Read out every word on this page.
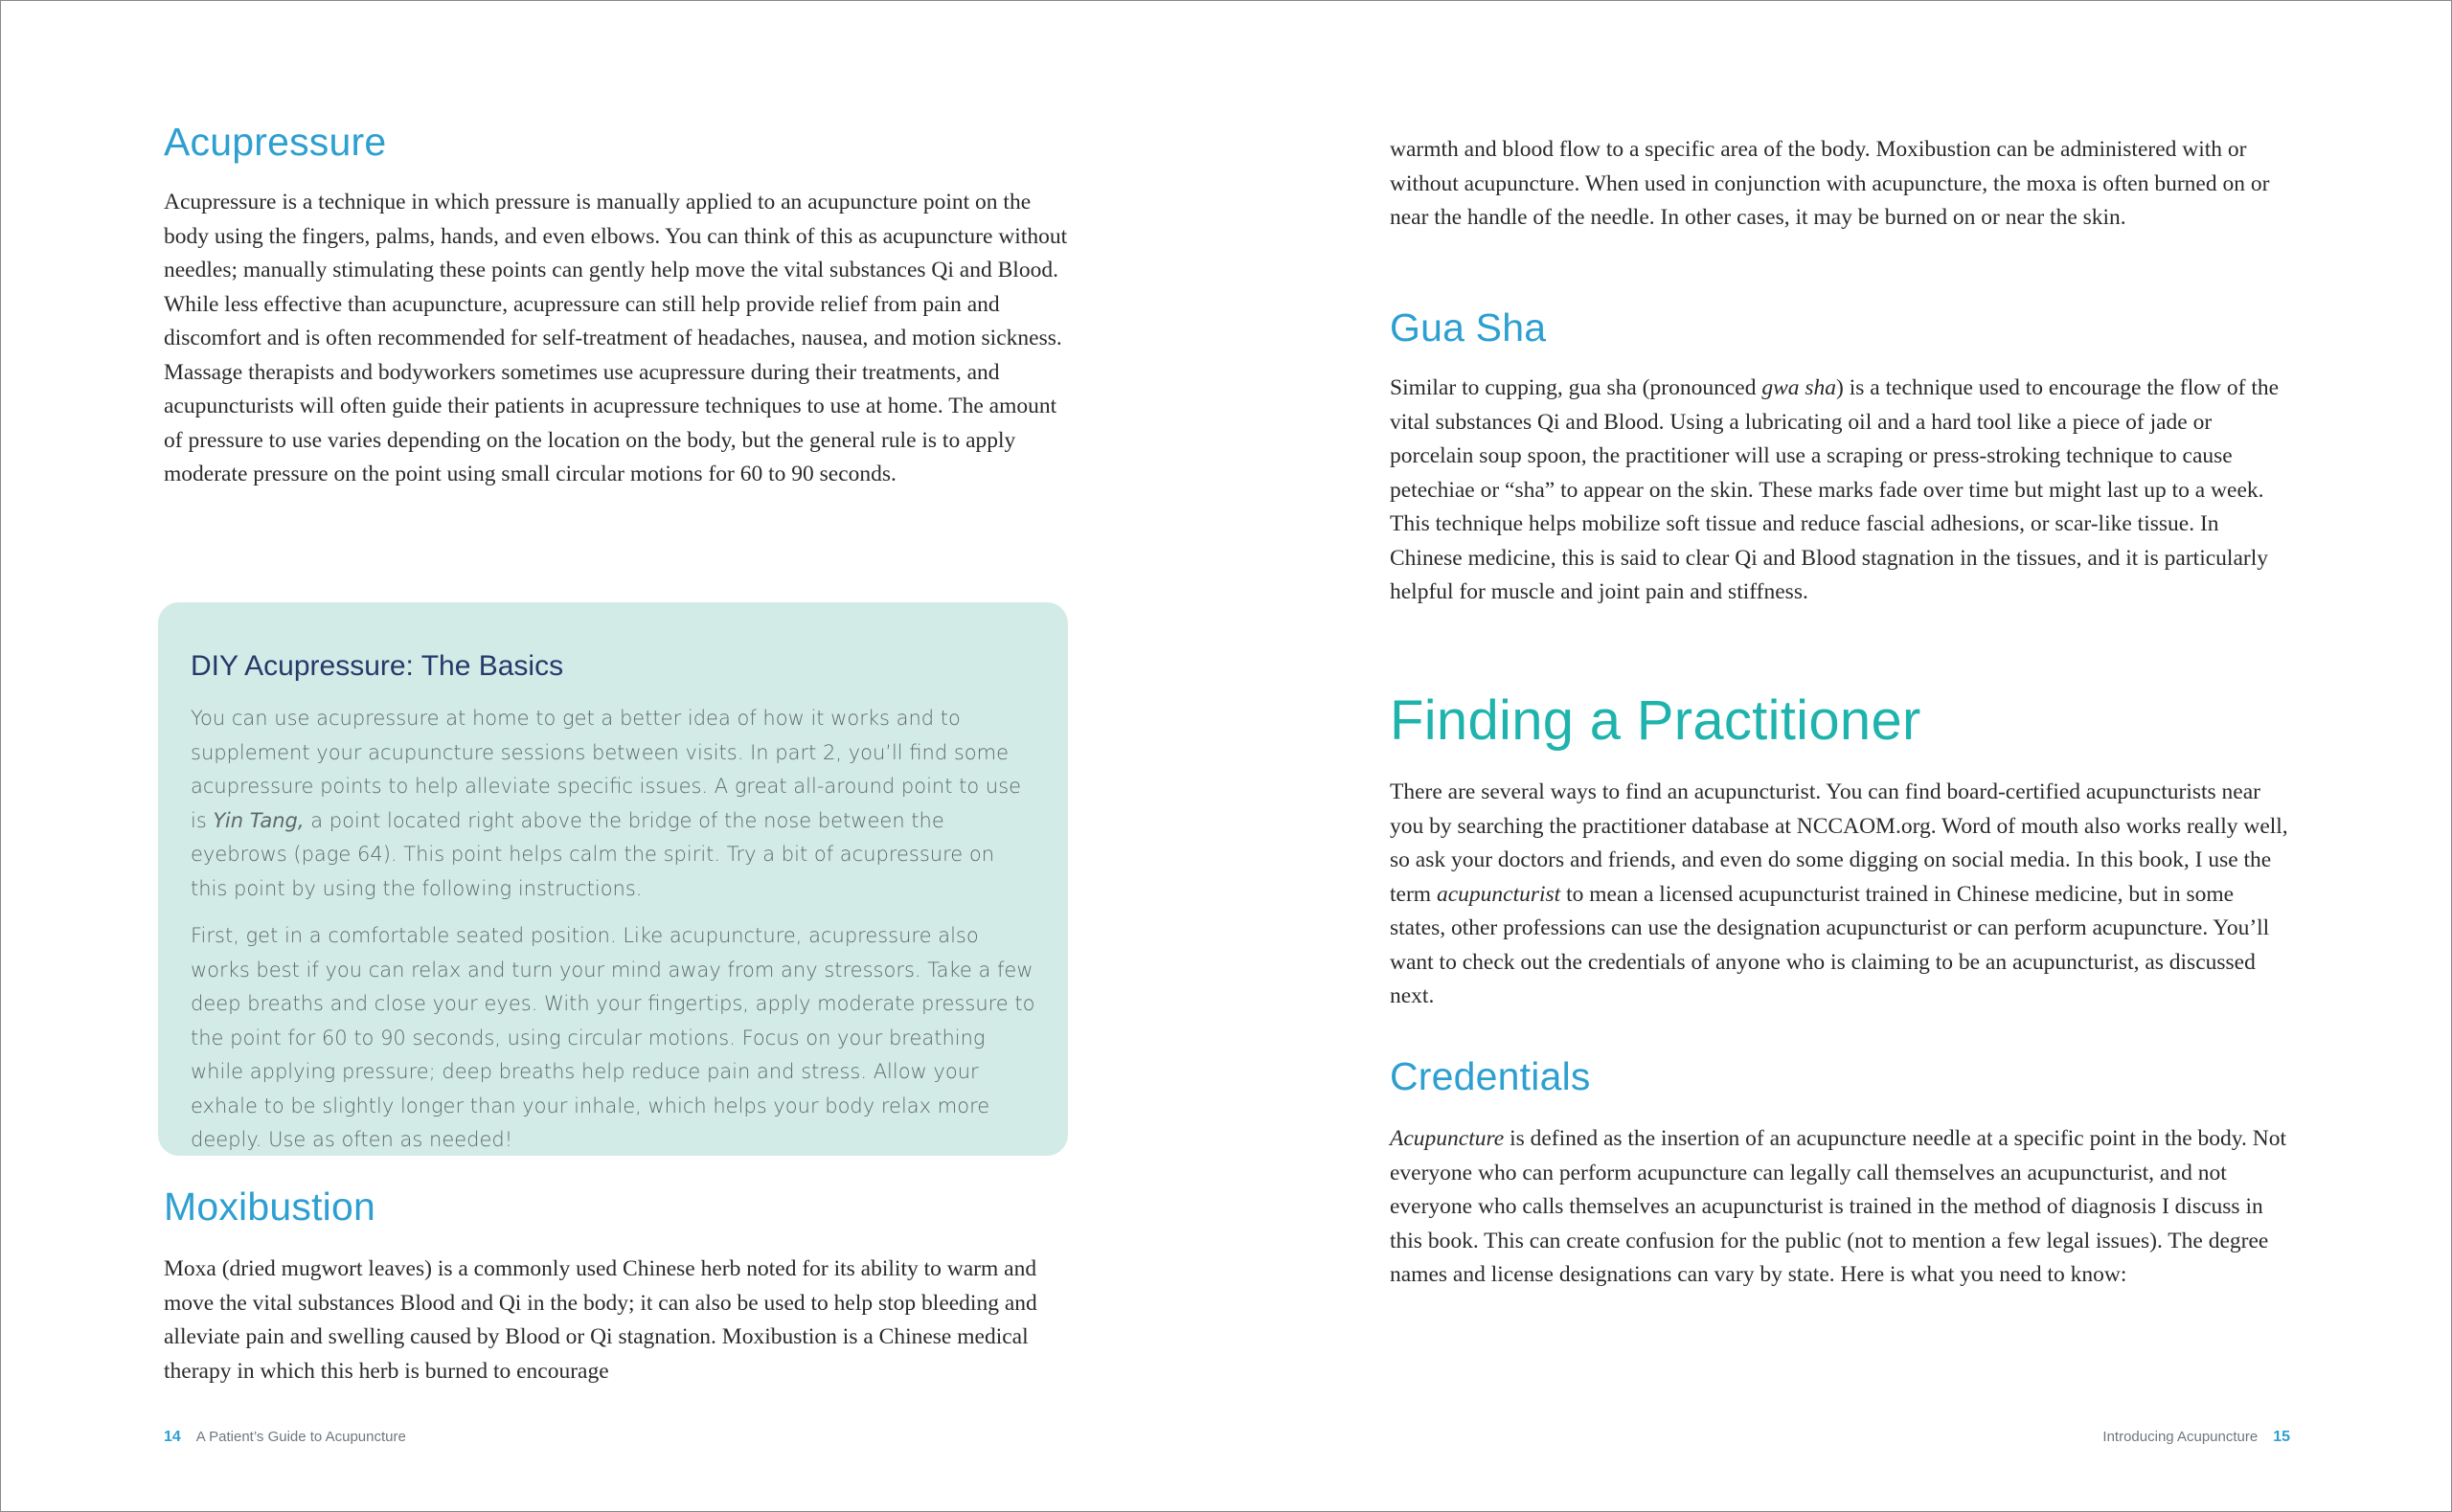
Acupressure

Acupressure is a technique in which pressure is manually applied to an acupuncture point on the body using the fingers, palms, hands, and even elbows. You can think of this as acupuncture without needles; manually stimulating these points can gently help move the vital substances Qi and Blood. While less effective than acupuncture, acupressure can still help provide relief from pain and discomfort and is often recommended for self-treatment of headaches, nausea, and motion sickness. Massage therapists and bodyworkers sometimes use acupressure during their treatments, and acupuncturists will often guide their patients in acupressure techniques to use at home. The amount of pressure to use varies depending on the location on the body, but the general rule is to apply moderate pressure on the point using small circular motions for 60 to 90 seconds.

DIY Acupressure: The Basics

You can use acupressure at home to get a better idea of how it works and to supplement your acupuncture sessions between visits. In part 2, you’ll find some acupressure points to help alleviate specific issues. A great all-around point to use is Yin Tang, a point located right above the bridge of the nose between the eyebrows (page 64). This point helps calm the spirit. Try a bit of acupressure on this point by using the following instructions.

First, get in a comfortable seated position. Like acupuncture, acupressure also works best if you can relax and turn your mind away from any stressors. Take a few deep breaths and close your eyes. With your fingertips, apply moderate pressure to the point for 60 to 90 seconds, using circular motions. Focus on your breathing while applying pressure; deep breaths help reduce pain and stress. Allow your exhale to be slightly longer than your inhale, which helps your body relax more deeply. Use as often as needed!

Moxibustion

Moxa (dried mugwort leaves) is a commonly used Chinese herb noted for its ability to warm and move the vital substances Blood and Qi in the body; it can also be used to help stop bleeding and alleviate pain and swelling caused by Blood or Qi stagnation. Moxibustion is a Chinese medical therapy in which this herb is burned to encourage

14 A Patient’s Guide to Acupuncture

warmth and blood flow to a specific area of the body. Moxibustion can be administered with or without acupuncture. When used in conjunction with acupuncture, the moxa is often burned on or near the handle of the needle. In other cases, it may be burned on or near the skin.

Gua Sha

Similar to cupping, gua sha (pronounced gwa sha) is a technique used to encourage the flow of the vital substances Qi and Blood. Using a lubricating oil and a hard tool like a piece of jade or porcelain soup spoon, the practitioner will use a scraping or press-stroking technique to cause petechiae or “sha” to appear on the skin. These marks fade over time but might last up to a week. This technique helps mobilize soft tissue and reduce fascial adhesions, or scar-like tissue. In Chinese medicine, this is said to clear Qi and Blood stagnation in the tissues, and it is particularly helpful for muscle and joint pain and stiffness.

Finding a Practitioner

There are several ways to find an acupuncturist. You can find board-certified acupuncturists near you by searching the practitioner database at NCCAOM.org. Word of mouth also works really well, so ask your doctors and friends, and even do some digging on social media. In this book, I use the term acupuncturist to mean a licensed acupuncturist trained in Chinese medicine, but in some states, other professions can use the designation acupuncturist or can perform acupuncture. You’ll want to check out the credentials of anyone who is claiming to be an acupuncturist, as discussed next.

Credentials

Acupuncture is defined as the insertion of an acupuncture needle at a specific point in the body. Not everyone who can perform acupuncture can legally call themselves an acupuncturist, and not everyone who calls themselves an acupuncturist is trained in the method of diagnosis I discuss in this book. This can create confusion for the public (not to mention a few legal issues). The degree names and license designations can vary by state. Here is what you need to know:

Introducing Acupuncture 15
